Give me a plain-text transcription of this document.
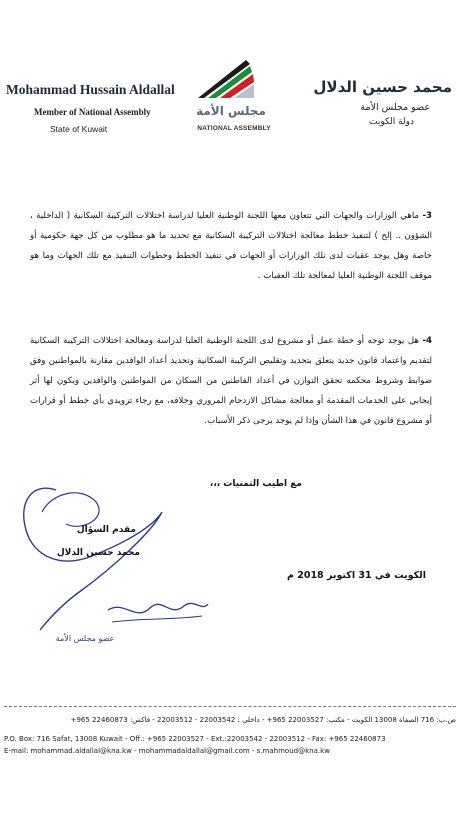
Mohammad Hussain Aldallal
Member of National Assembly
State of Kuwait
مجلس الأمة
NATIONAL ASSEMBLY
محمد حسين الدلال
عضو مجلس الأمة
دولة الكويت
3- ماهي الوزارات والجهات التي تتعاون معها اللجنة الوطنية العليا لدراسة اختلالات التركيبة السكانية ( الداخلية ، الشؤون .. إلخ ) لتنفيذ خطط معالجة اختلالات التركيبة السكانية مع تحديد ما هو مطلوب من كل جهة حكومية أو خاصة وهل يوجد عقبات لدى تلك الوزارات أو الجهات في تنفيذ الخطط وخطوات التنفيذ مع تلك الجهات وما هو موقف اللجنة الوطنية العليا لمعالجة تلك العقبات .
4- هل يوجد توجه أو خطة عمل أو مشروع لدى اللجنة الوطنية العليا لدراسة ومعالجة اختلالات التركيبة السكانية لتقديم واعتماد قانون جديد يتعلق بتحديد وتقليص التركيبة السكانية وتحديد أعداد الوافدين مقارنة بالمواطنين وفق ضوابط وشروط محكمه تحقق التوازن في أعداد القاطنين من السكان من المواطنين والوافدين ويكون لها أثر إيجابي على الخدمات المقدمة أو معالجة مشاكل الازدحام المروري وخلافه، مع رجاء تزويدي بأي خطط أو قرارات أو مشروع قانون في هذا الشأن وإذا لم يوجد يرجى ذكر الأسباب.
مع اطيب التمنيات ،،،
مقدم السؤال
محمد حسين الدلال
عضو مجلس الأمة
الكويت في 31 اكتوبر 2018 م
ص.ب: 716 الصفاة 13008 الكويت - مكتب: 22003527 965+ - داخلي : 22003542 - 22003512 - فاكس: 22460873 965+
P.O. Box: 716 Safat, 13008 Kuwait - Off.: +965 22003527 - Ext.:22003542 - 22003512 - Fax: +965 22460873
E-mail: mohammad.aldallal@kna.kw - mohammadaldallal@gmail.com - s.mahmoud@kna.kw
